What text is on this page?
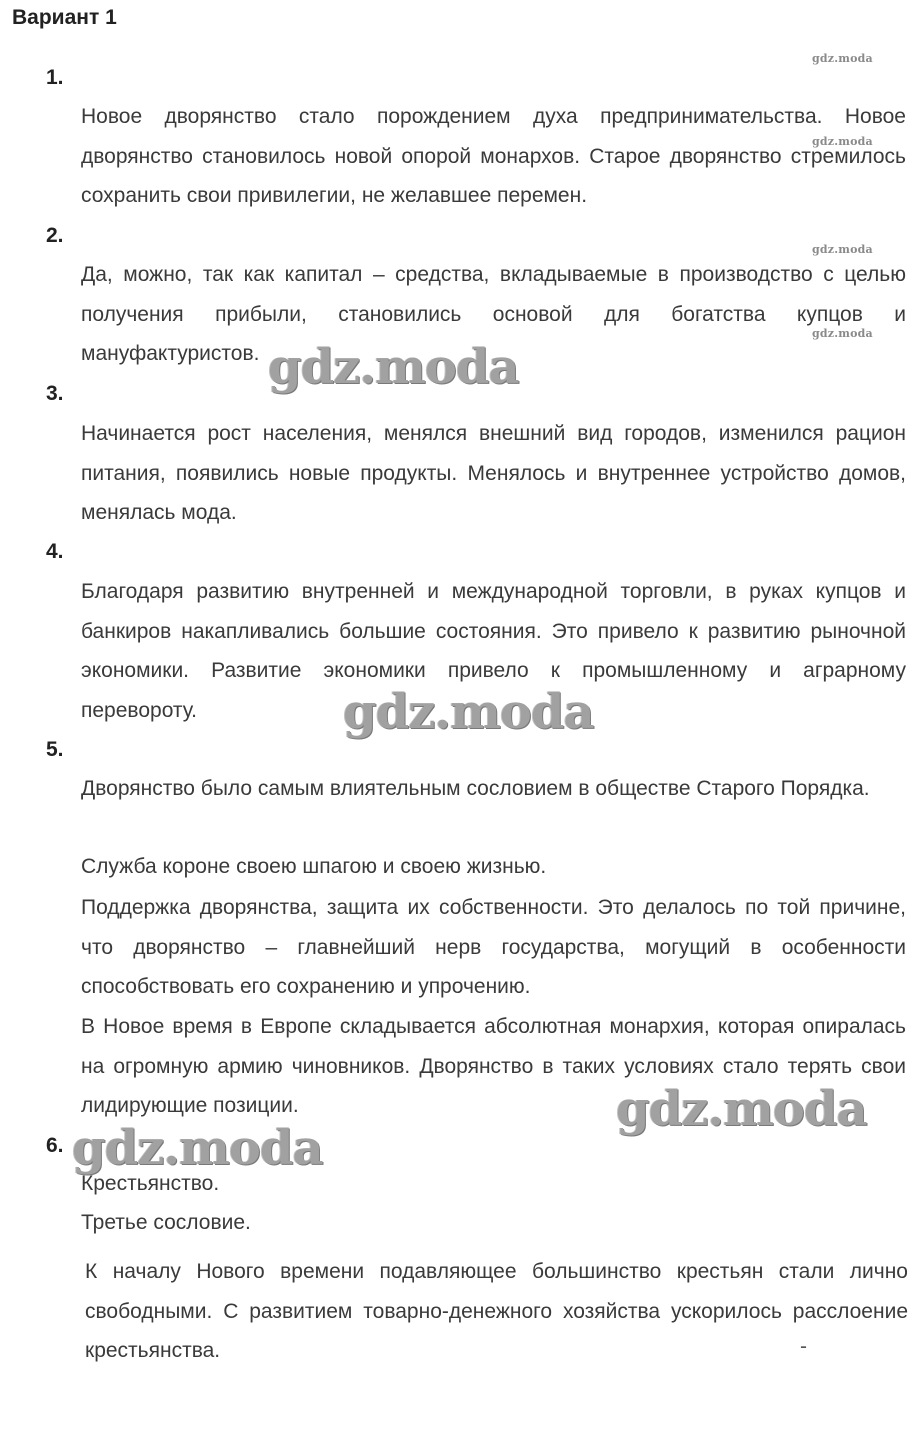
Вариант 1
1.

Новое дворянство стало порождением духа предпринимательства. Новое дворянство становилось новой опорой монархов. Старое дворянство стремилось сохранить свои привилегии, не желавшее перемен.

2.

Да, можно, так как капитал – средства, вкладываемые в производство с целью получения прибыли, становились основой для богатства купцов и мануфактуристов.

3.

Начинается рост населения, менялся внешний вид городов, изменился рацион питания, появились новые продукты. Менялось и внутреннее устройство домов, менялась мода.

4.

Благодаря развитию внутренней и международной торговли, в руках купцов и банкиров накапливались большие состояния. Это привело к развитию рыночной экономики. Развитие экономики привело к промышленному и аграрному перевороту.

5.

Дворянство было самым влиятельным сословием в обществе Старого Порядка.

Служба короне своею шпагою и своею жизнью.

Поддержка дворянства, защита их собственности. Это делалось по той причине, что дворянство – главнейший нерв государства, могущий в особенности способствовать его сохранению и упрочению.

В Новое время в Европе складывается абсолютная монархия, которая опиралась на огромную армию чиновников. Дворянство в таких условиях стало терять свои лидирующие позиции.

6.

Крестьянство.

Третье сословие.

К началу Нового времени подавляющее большинство крестьян стали лично свободными. С развитием товарно-денежного хозяйства ускорилось расслоение крестьянства.	-
gdz.moda
gdz.moda
gdz.moda
gdz.moda
gdz.moda
gdz.moda
gdz.moda
gdz.moda
